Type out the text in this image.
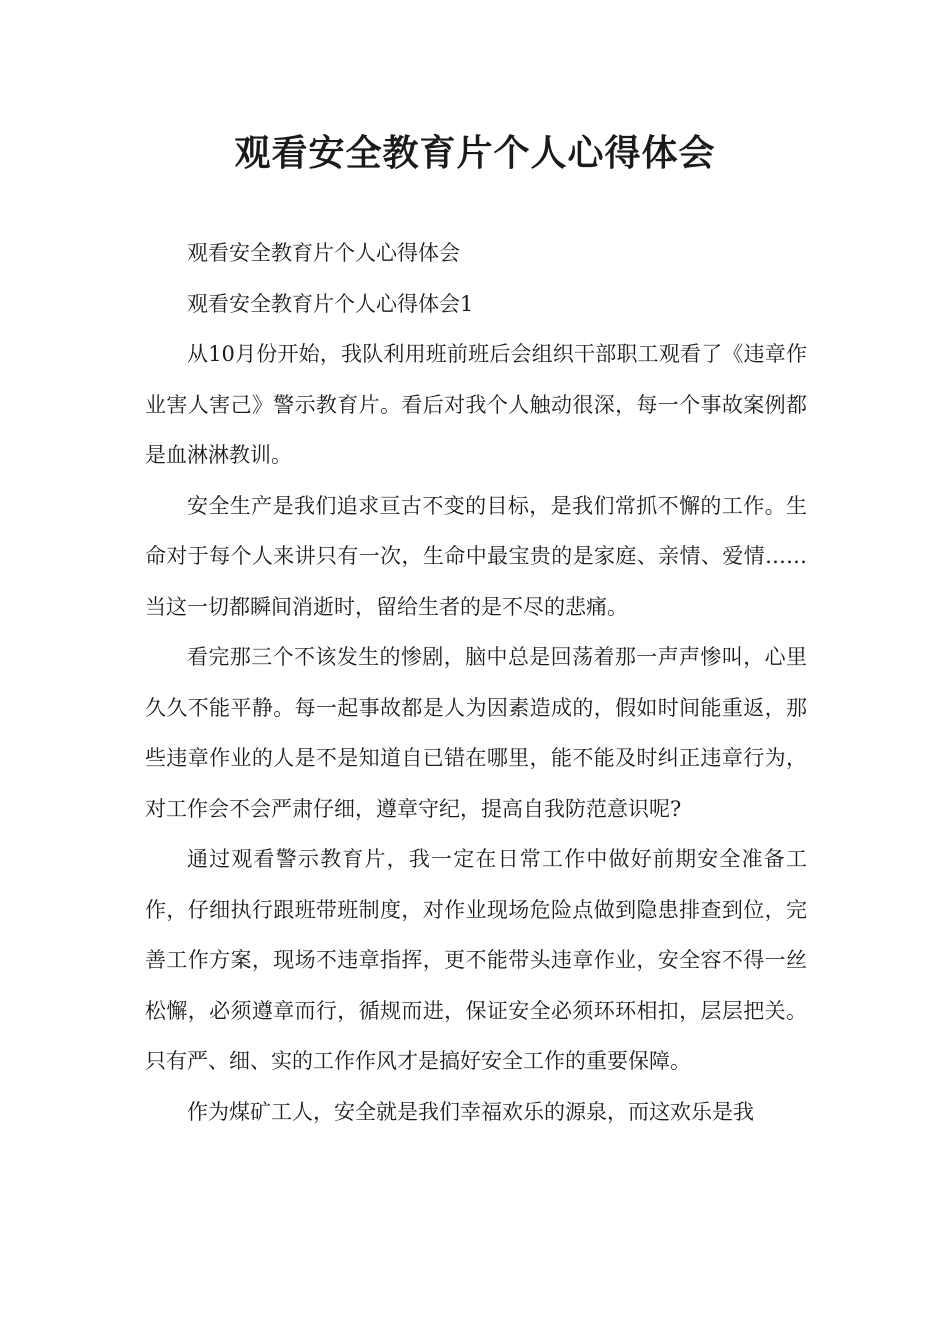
观看安全教育片个人心得体会

观看安全教育片个人心得体会

观看安全教育片个人心得体会1

从10月份开始，我队利用班前班后会组织干部职工观看了《违章作业害人害己》警示教育片。看后对我个人触动很深，每一个事故案例都是血淋淋教训。

安全生产是我们追求亘古不变的目标，是我们常抓不懈的工作。生命对于每个人来讲只有一次，生命中最宝贵的是家庭、亲情、爱情……当这一切都瞬间消逝时，留给生者的是不尽的悲痛。

看完那三个不该发生的惨剧，脑中总是回荡着那一声声惨叫，心里久久不能平静。每一起事故都是人为因素造成的，假如时间能重返，那些违章作业的人是不是知道自已错在哪里，能不能及时纠正违章行为，对工作会不会严肃仔细，遵章守纪，提高自我防范意识呢?

通过观看警示教育片，我一定在日常工作中做好前期安全准备工作，仔细执行跟班带班制度，对作业现场危险点做到隐患排查到位，完善工作方案，现场不违章指挥，更不能带头违章作业，安全容不得一丝松懈，必须遵章而行，循规而进，保证安全必须环环相扣，层层把关。只有严、细、实的工作作风才是搞好安全工作的重要保障。

作为煤矿工人，安全就是我们幸福欢乐的源泉，而这欢乐是我
